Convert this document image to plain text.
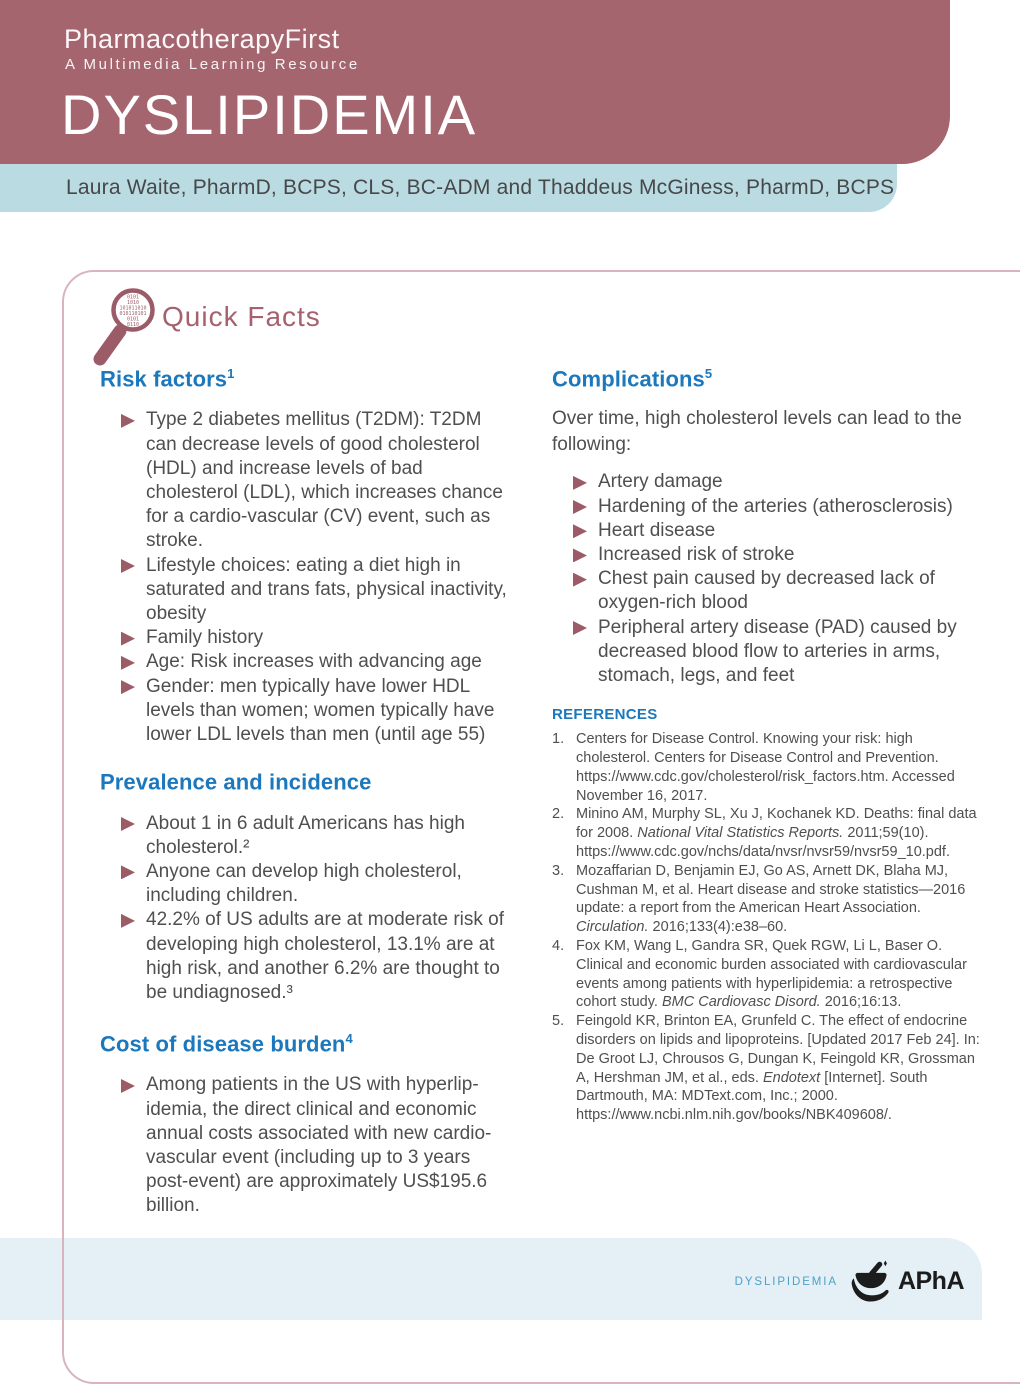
Laura Waite, PharmD, BCPS, CLS, BC-ADM and Thaddeus McGiness, PharmD, BCPS
PharmacotherapyFirst
A Multimedia Learning Resource
DYSLIPIDEMIA
0101
1010
101011010
010110101
0101
0110 Quick Facts
Risk factors$^1$
Type 2 diabetes mellitus (T2DM): T2DM can decrease levels of good cholesterol (HDL) and increase levels of bad cholesterol (LDL), which increases chance for a cardio-vascular (CV) event, such as stroke.
Lifestyle choices: eating a diet high in saturated and trans fats, physical inactivity, obesity
Family history
Age: Risk increases with advancing age
Gender: men typically have lower HDL levels than women; women typically have lower LDL levels than men (until age 55)
Prevalence and incidence
About 1 in 6 adult Americans has high cholesterol.²
Anyone can develop high cholesterol, including children.
42.2% of US adults are at moderate risk of developing high cholesterol, 13.1% are at high risk, and another 6.2% are thought to be undiagnosed.³
Cost of disease burden$^4$
Among patients in the US with hyperlip-idemia, the direct clinical and economic annual costs associated with new cardio-vascular event (including up to 3 years post-event) are approximately US$195.6 billion.
Complications$^5$

Over time, high cholesterol levels can lead to the following:

Artery damage
Hardening of the arteries (atherosclerosis)
Heart disease
Increased risk of stroke
Chest pain caused by decreased lack of oxygen-rich blood
Peripheral artery disease (PAD) caused by decreased blood flow to arteries in arms, stomach, legs, and feet
REFERENCES
1. Centers for Disease Control. Knowing your risk: high cholesterol. Centers for Disease Control and Prevention. https://www.cdc.gov/cholesterol/risk_factors.htm. Accessed November 16, 2017.
2. Minino AM, Murphy SL, Xu J, Kochanek KD. Deaths: final data for 2008. National Vital Statistics Reports. 2011;59(10). https://www.cdc.gov/nchs/data/nvsr/nvsr59/nvsr59_10.pdf.
3. Mozaffarian D, Benjamin EJ, Go AS, Arnett DK, Blaha MJ, Cushman M, et al. Heart disease and stroke statistics—2016 update: a report from the American Heart Association. Circulation. 2016;133(4):e38–60.
4. Fox KM, Wang L, Gandra SR, Quek RGW, Li L, Baser O. Clinical and economic burden associated with cardiovascular events among patients with hyperlipidemia: a retrospective cohort study. BMC Cardiovasc Disord. 2016;16:13.
5. Feingold KR, Brinton EA, Grunfeld C. The effect of endocrine disorders on lipids and lipoproteins. [Updated 2017 Feb 24]. In: De Groot LJ, Chrousos G, Dungan K, Feingold KR, Grossman A, Hershman JM, et al., eds. Endotext [Internet]. South Dartmouth, MA: MDText.com, Inc.; 2000. https://www.ncbi.nlm.nih.gov/books/NBK409608/.
DYSLIPIDEMIA APhA
